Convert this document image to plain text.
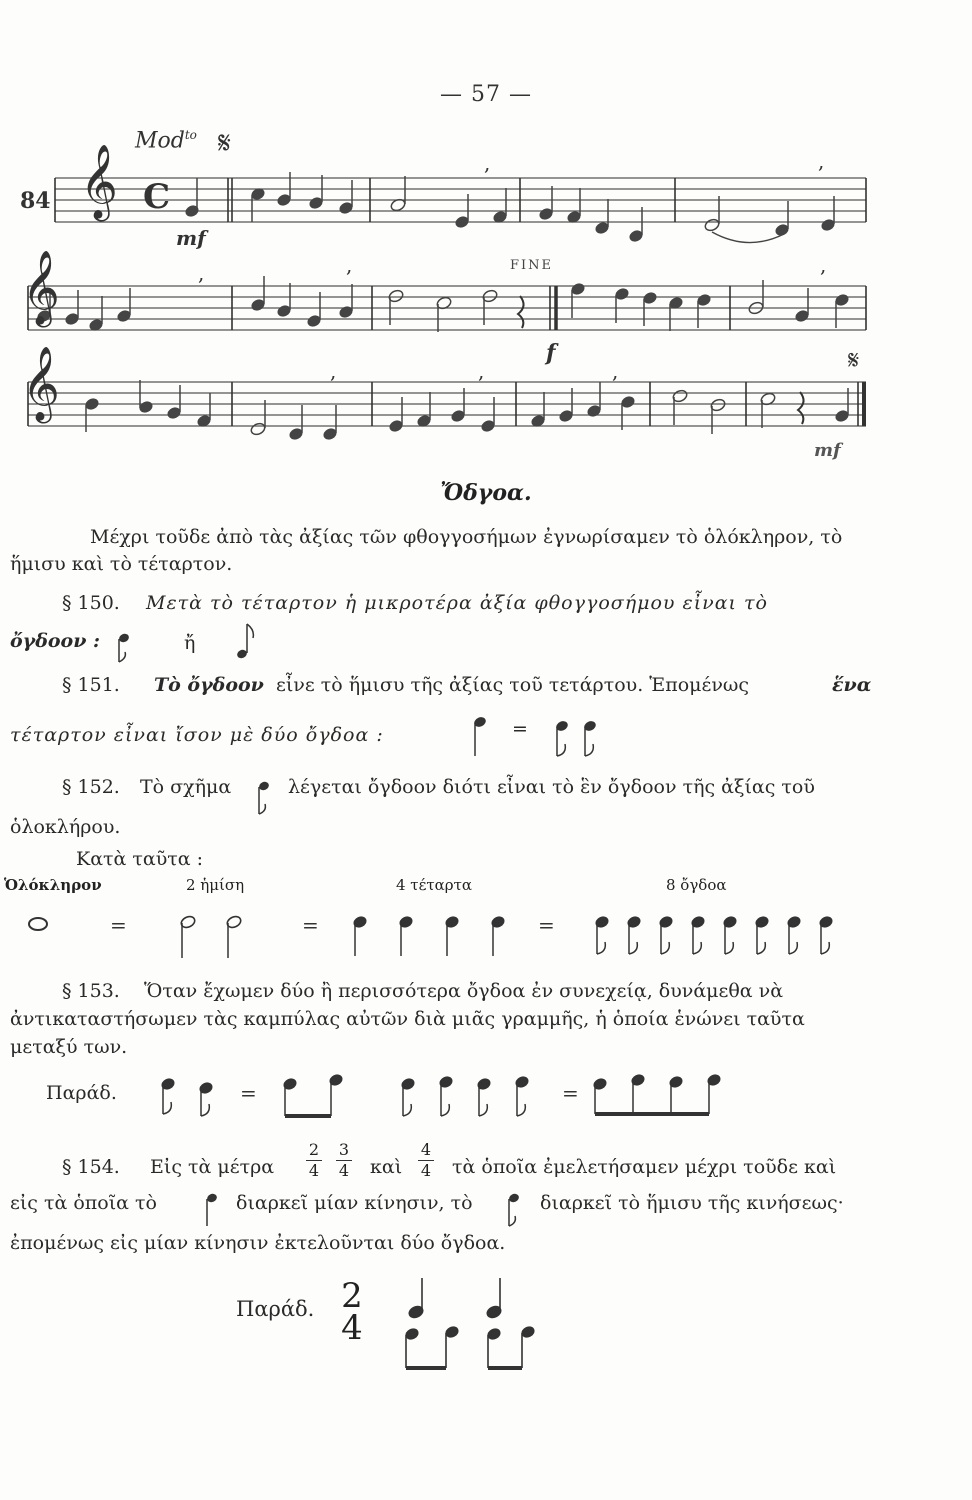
— 57 —
,	,
,	,	,
,	,	,
𝄞
𝄞
𝄞
C
84
Mod$^{to}$ 𝄋
mf
FINE
f	𝄋
mf
Ὄδγοα.
Μέχρι τοῦδε ἀπὸ τὰς ἀξίας τῶν φθογγοσήμων ἐγνωρίσαμεν τὸ ὁλόκληρον, τὸ
ἥμισυ καὶ τὸ τέταρτον.
§ 150. Μετὰ τὸ τέταρτον ἡ μικροτέρα ἀξία φθογγοσήμου εἶναι τὸ
ὄγδοον :	ἤ
§ 151. Τὸ ὄγδοον εἶνε τὸ ἥμισυ τῆς ἀξίας τοῦ τετάρτου. Ἑπομένως	ἕνα
τέταρτον εἶναι ἴσον μὲ δύο ὄγδοα :	=
§ 152. Τὸ σχῆμα	λέγεται ὄγδοον διότι εἶναι τὸ ἓν ὄγδοον τῆς ἀξίας τοῦ
ὁλοκλήρου.
Κατὰ ταῦτα :
Ὁλόκληρον	2 ἡμίση	4 τέταρτα	8 ὄγδοα
=	=	=
§ 153. Ὅταν ἔχωμεν δύο ἢ περισσότερα ὄγδοα ἐν συνεχείᾳ, δυνάμεθα νὰ
ἀντικαταστήσωμεν τὰς καμπύλας αὐτῶν διὰ μιᾶς γραμμῆς, ἡ ὁποία ἑνώνει ταῦτα
μεταξύ των.
Παράδ.	=	=
§ 154. Εἰς τὰ μέτρα
2
4
3
4 καὶ
4
4 τὰ ὁποῖα ἐμελετήσαμεν μέχρι τοῦδε καὶ
εἰς τὰ ὁποῖα τὸ	διαρκεῖ μίαν κίνησιν, τὸ	διαρκεῖ τὸ ἥμισυ τῆς κινήσεως·
ἐπομένως εἰς μίαν κίνησιν ἐκτελοῦνται δύο ὄγδοα.
Παράδ. 2
4
